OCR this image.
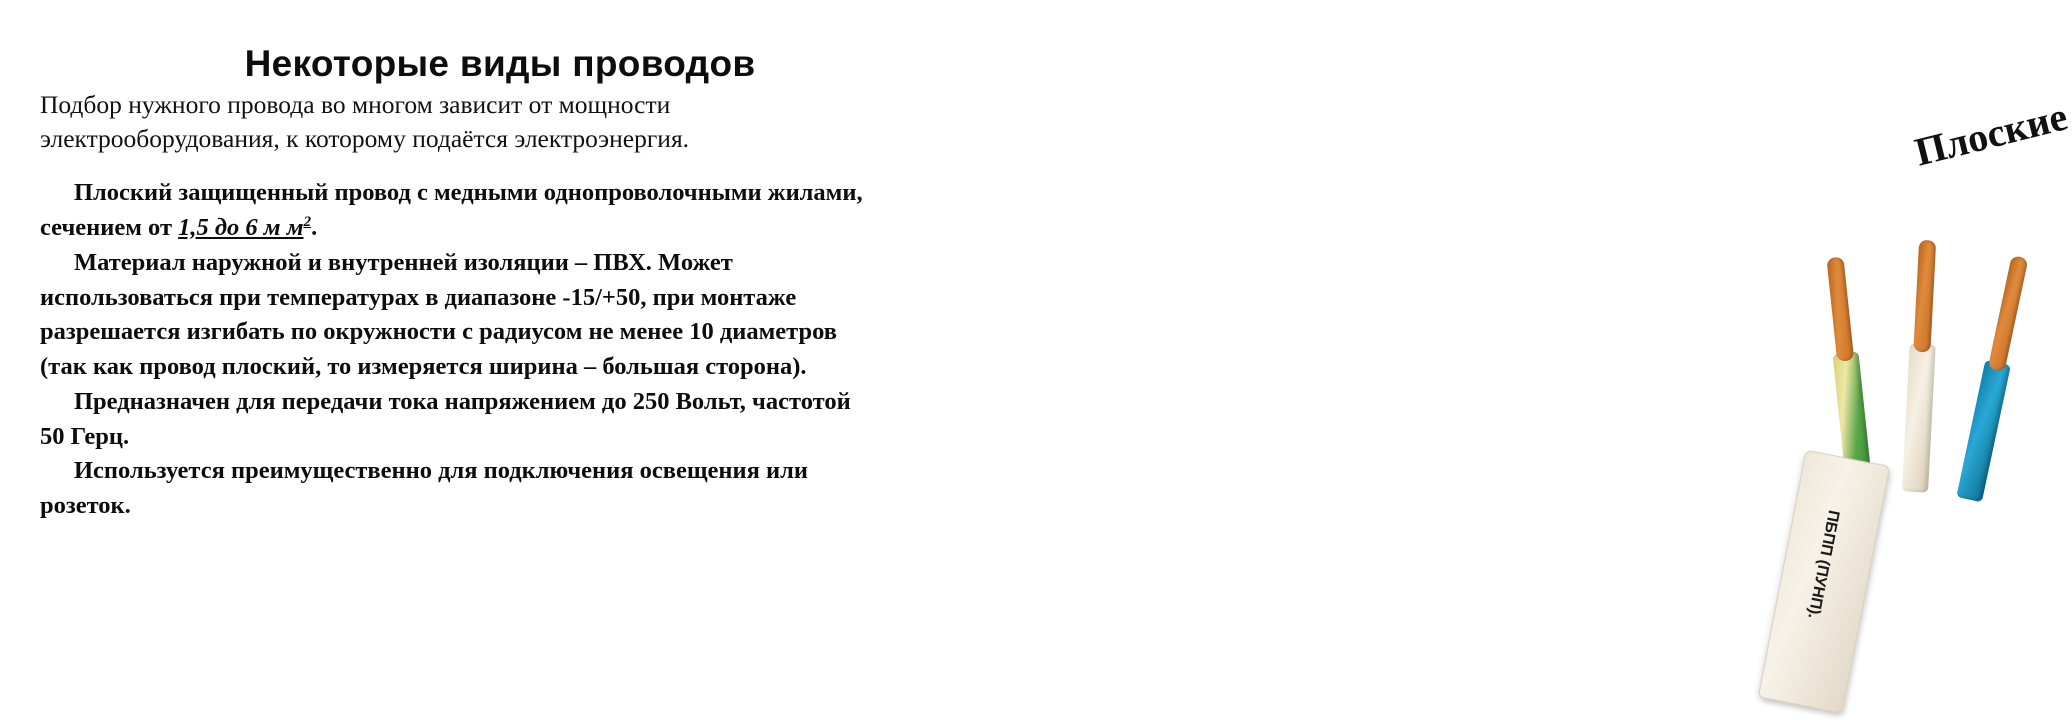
Некоторые виды проводов
Подбор нужного провода во многом зависит от мощности электрооборудования, к которому подаётся электроэнергия.

Плоский защищенный провод с медными однопроволочными жилами, сечением от 1,5 до 6 м $м^2$.

Материал наружной и внутренней изоляции – ПВХ. Может использоваться при температурах в диапазоне -15/+50, при монтаже разрешается изгибать по окружности с радиусом не менее 10 диаметров (так как провод плоский, то измеряется ширина – большая сторона).

Предназначен для передачи тока напряжением до 250 Вольт, частотой 50 Герц.

Используется преимущественно для подключения освещения или розеток.

Плоские
ПБПП (ПУНП).
